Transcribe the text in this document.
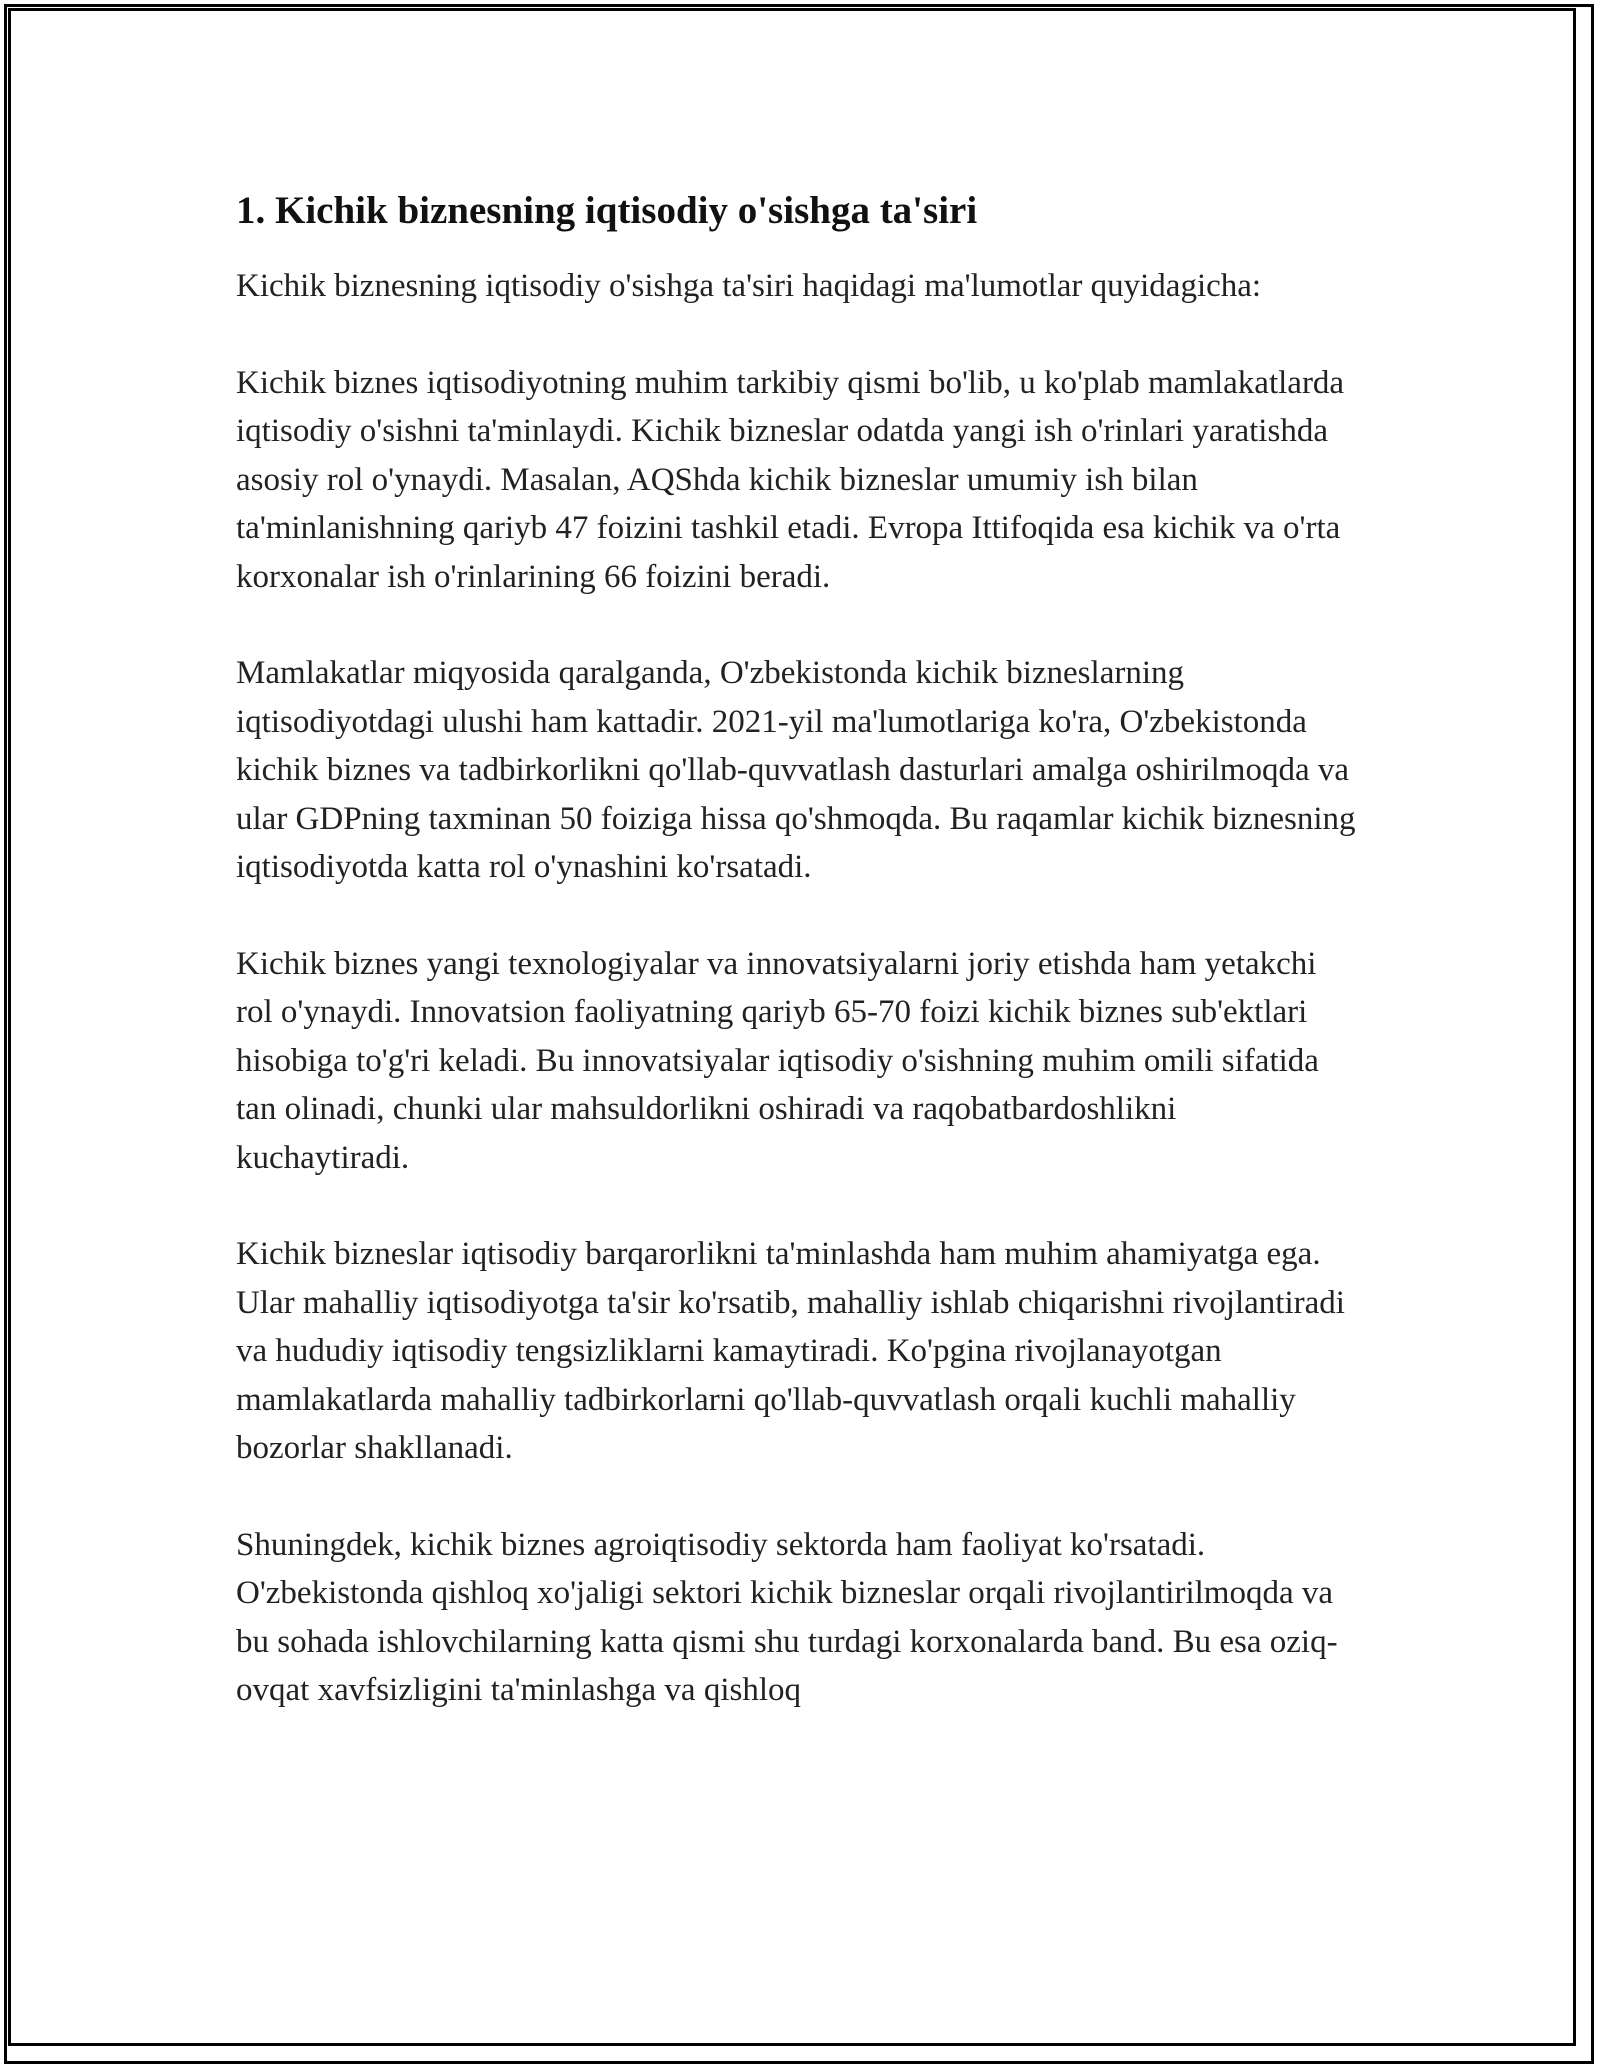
1. Kichik biznesning iqtisodiy o'sishga ta'siri

Kichik biznesning iqtisodiy o'sishga ta'siri haqidagi ma'lumotlar quyidagicha:

Kichik biznes iqtisodiyotning muhim tarkibiy qismi bo'lib, u ko'plab mamlakatlarda iqtisodiy o'sishni ta'minlaydi. Kichik bizneslar odatda yangi ish o'rinlari yaratishda asosiy rol o'ynaydi. Masalan, AQShda kichik bizneslar umumiy ish bilan ta'minlanishning qariyb 47 foizini tashkil etadi. Evropa Ittifoqida esa kichik va o'rta korxonalar ish o'rinlarining 66 foizini beradi.

Mamlakatlar miqyosida qaralganda, O'zbekistonda kichik bizneslarning iqtisodiyotdagi ulushi ham kattadir. 2021-yil ma'lumotlariga ko'ra, O'zbekistonda kichik biznes va tadbirkorlikni qo'llab-quvvatlash dasturlari amalga oshirilmoqda va ular GDPning taxminan 50 foiziga hissa qo'shmoqda. Bu raqamlar kichik biznesning iqtisodiyotda katta rol o'ynashini ko'rsatadi.

Kichik biznes yangi texnologiyalar va innovatsiyalarni joriy etishda ham yetakchi rol o'ynaydi. Innovatsion faoliyatning qariyb 65-70 foizi kichik biznes sub'ektlari hisobiga to'g'ri keladi. Bu innovatsiyalar iqtisodiy o'sishning muhim omili sifatida tan olinadi, chunki ular mahsuldorlikni oshiradi va raqobatbardoshlikni kuchaytiradi.

Kichik bizneslar iqtisodiy barqarorlikni ta'minlashda ham muhim ahamiyatga ega. Ular mahalliy iqtisodiyotga ta'sir ko'rsatib, mahalliy ishlab chiqarishni rivojlantiradi va hududiy iqtisodiy tengsizliklarni kamaytiradi. Ko'pgina rivojlanayotgan mamlakatlarda mahalliy tadbirkorlarni qo'llab-quvvatlash orqali kuchli mahalliy bozorlar shakllanadi.

Shuningdek, kichik biznes agroiqtisodiy sektorda ham faoliyat ko'rsatadi. O'zbekistonda qishloq xo'jaligi sektori kichik bizneslar orqali rivojlantirilmoqda va bu sohada ishlovchilarning katta qismi shu turdagi korxonalarda band. Bu esa oziq-ovqat xavfsizligini ta'minlashga va qishloq
